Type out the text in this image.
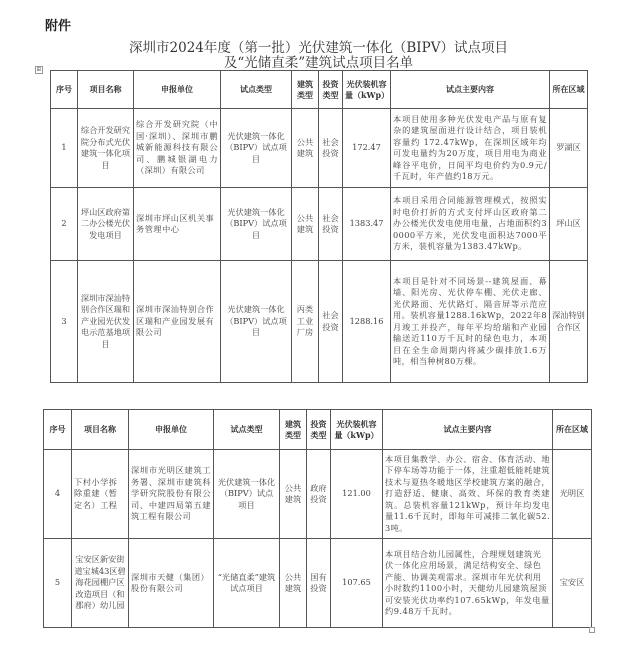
附件
深圳市2024年度（第一批）光伏建筑一体化（BIPV）试点项目
及“光储直柔”建筑试点项目名单
⊞
序号	项目名称	申报单位	试点类型	建筑类型	投资类型	光伏装机容量（kWp）	试点主要内容	所在区域
1	综合开发研究院分布式光伏建筑一体化项目	综合开发研究院（中国·深圳）、深圳市鹏城新能源科技有限公司、鹏城银湖电力（深圳）有限公司	光伏建筑一体化（BIPV）试点项目	公共建筑	社会投资	172.47	本项目使用多种光伏发电产品与原有复杂的建筑屋面进行设计结合，项目装机容量约 172.47kWp，在深圳区域年均可发电量约为20万度，项目用电为商业峰谷平电价，日间平均电价约为0.9元/千瓦时，年产值约18万元。	罗湖区
2	坪山区政府第二办公楼光伏发电项目	深圳市坪山区机关事务管理中心	光伏建筑一体化（BIPV）试点项目	公共建筑	社会投资	1383.47	本项目采用合同能源管理模式，按照实时电价打折的方式支付坪山区政府第二办公楼光伏发电使用电量，占地面积约30000平方米，光伏发电面积达7000平方米，装机容量为1383.47kWp。	坪山区
3	深圳市深汕特别合作区瑞和产业园光伏发电示范基地项目	深圳市深汕特别合作区瑞和产业园发展有限公司	光伏建筑一体化（BIPV）试点项目	丙类工业厂房	社会投资	1288.16	本项目是针对不同场景--建筑屋面、幕墙、阳光房、光伏停车棚、光伏走廊、光伏路面、光伏路灯、隔音屏等示范应用。装机容量1288.16kWp，2022年8月竣工并投产，每年平均给瑞和产业园输送近110万千瓦时的绿色电力，本项目在全生命周期内将减少碳排放1.6万吨，相当种树80万棵。	深汕特别合作区
序号	项目名称	申报单位	试点类型	建筑类型	投资类型	光伏装机容量（kWp）	试点主要内容	所在区域
4	下村小学拆除重建（暂定名）工程	深圳市光明区建筑工务署、深圳市建筑科学研究院股份有限公司、中建四局第五建筑工程有限公司	光伏建筑一体化（BIPV）试点项目	公共建筑	政府投资	121.00	本项目集教学、办公、宿舍、体育活动、地下停车场等功能于一体，注重超低能耗建筑技术与夏热冬暖地区学校建筑方案的融合，打造舒适、健康、高效、环保的教育类建筑。总装机容量121kWp，预计年均发电量11.6千瓦时，即每年可减排二氧化碳52.3吨。	光明区
5	宝安区新安街道宝城43区碧海花园棚户区改造项目（和郡府）幼儿园	深圳市天健（集团）股份有限公司	“光储直柔”建筑试点项目	公共建筑	国有投资	107.65	本项目结合幼儿园属性，合理规划建筑光伏一体化应用场景，满足结构安全、绿色产能、协调美观需求。深圳市年光伏利用小时数约1100小时，天健幼儿园建筑屋顶可安装光伏功率约107.65kWp，年发电量约9.48万千瓦时。	宝安区
